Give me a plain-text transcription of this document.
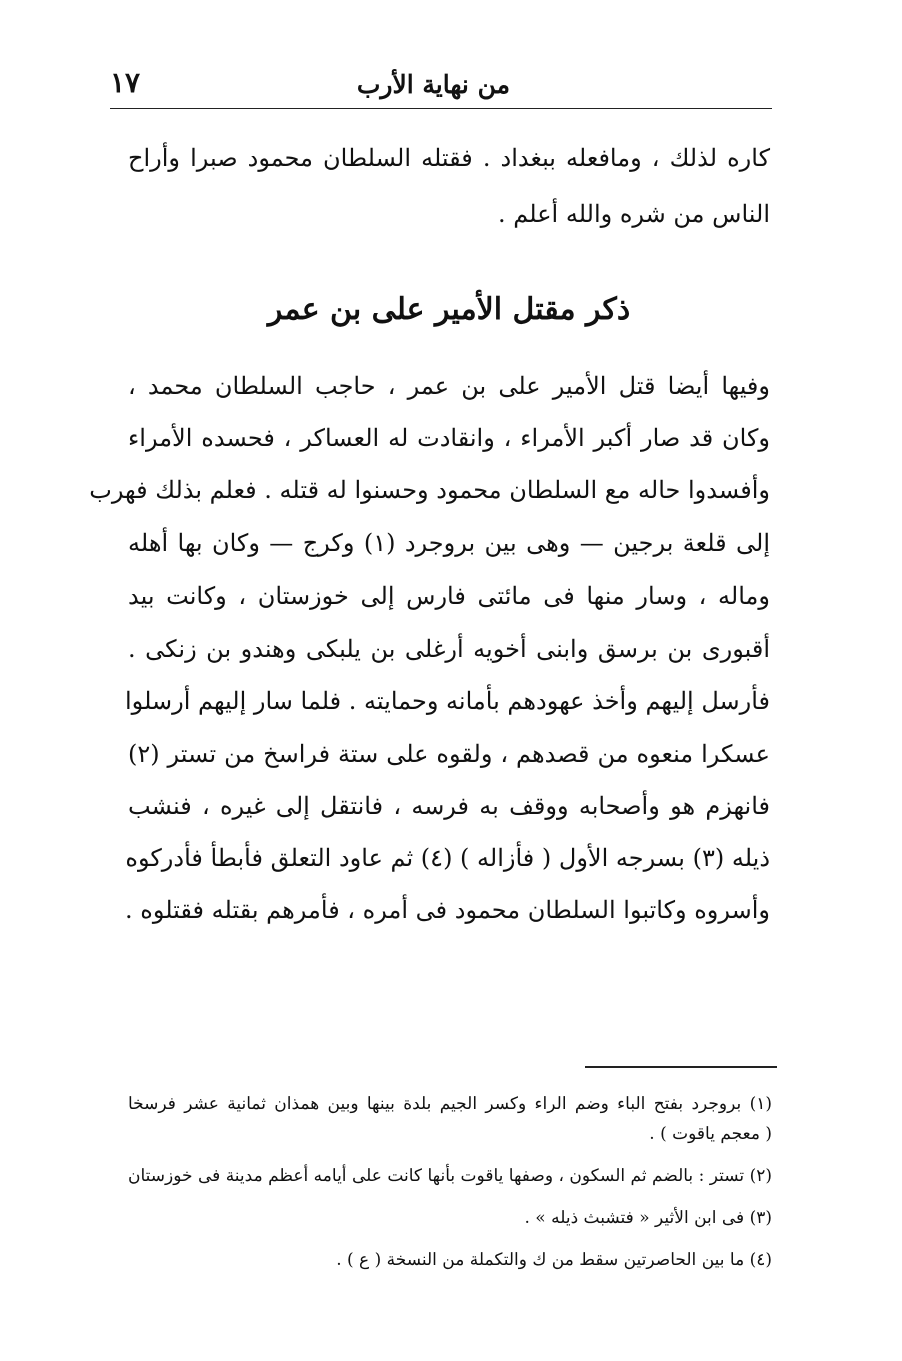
من نهاية الأرب
١٧
كاره لذلك ، ومافعله ببغداد . فقتله السلطان محمود صبرا وأراح
الناس من شره والله أعلم .
ذكر مقتل الأمير على بن عمر
وفيها أيضا قتل الأمير على بن عمر ، حاجب السلطان محمد ،
وكان قد صار أكبر الأمراء ، وانقادت له العساكر ، فحسده الأمراء
وأفسدوا حاله مع السلطان محمود وحسنوا له قتله . فعلم بذلك فهرب
إلى قلعة برجين — وهى بين بروجرد (١) وكرج — وكان بها أهله
وماله ، وسار منها فى مائتى فارس إلى خوزستان ، وكانت بيد
أقبورى بن برسق وابنى أخويه أرغلى بن يلبكى وهندو بن زنكى .
فأرسل إليهم وأخذ عهودهم بأمانه وحمايته . فلما سار إليهم أرسلوا
عسكرا منعوه من قصدهم ، ولقوه على ستة فراسخ من تستر (٢)
فانهزم هو وأصحابه ووقف به فرسه ، فانتقل إلى غيره ، فنشب
ذيله (٣) بسرجه الأول ( فأزاله ) (٤) ثم عاود التعلق فأبطأ فأدركوه
وأسروه وكاتبوا السلطان محمود فى أمره ، فأمرهم بقتله فقتلوه .
(١) بروجرد بفتح الباء وضم الراء وكسر الجيم بلدة بينها وبين همذان ثمانية عشر فرسخا
( معجم ياقوت ) .
(٢) تستر : بالضم ثم السكون ، وصفها ياقوت بأنها كانت على أيامه أعظم مدينة فى خوزستان
(٣) فى ابن الأثير « فتشبث ذيله » .
(٤) ما بين الحاصرتين سقط من ك والتكملة من النسخة ( ع ) .
